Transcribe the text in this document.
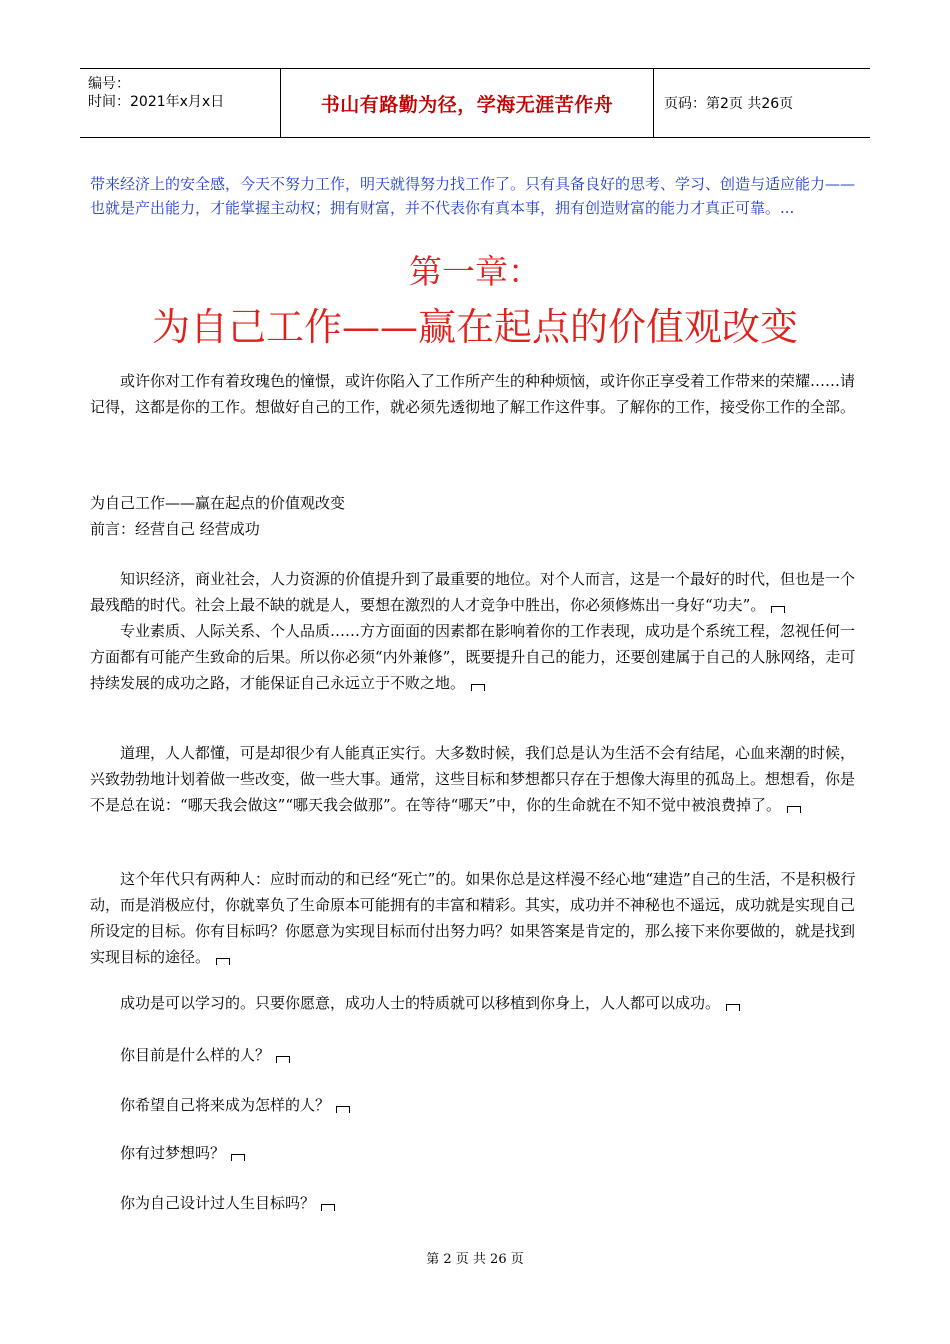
编号：
时间：2021年x月x日	书山有路勤为径，学海无涯苦作舟	页码：第2页 共26页
带来经济上的安全感，今天不努力工作，明天就得努力找工作了。只有具备良好的思考、学习、创造与适应能力——也就是产出能力，才能掌握主动权；拥有财富，并不代表你有真本事，拥有创造财富的能力才真正可靠。...
第一章：
为自己工作——赢在起点的价值观改变

或许你对工作有着玫瑰色的憧憬，或许你陷入了工作所产生的种种烦恼，或许你正享受着工作带来的荣耀……请记得，这都是你的工作。想做好自己的工作，就必须先透彻地了解工作这件事。了解你的工作，接受你工作的全部。

为自己工作——赢在起点的价值观改变

前言：经营自己 经营成功

知识经济，商业社会，人力资源的价值提升到了最重要的地位。对个人而言，这是一个最好的时代，但也是一个最残酷的时代。社会上最不缺的就是人，要想在激烈的人才竞争中胜出，你必须修炼出一身好“功夫”。

专业素质、人际关系、个人品质……方方面面的因素都在影响着你的工作表现，成功是个系统工程，忽视任何一方面都有可能产生致命的后果。所以你必须“内外兼修”，既要提升自己的能力，还要创建属于自己的人脉网络，走可持续发展的成功之路，才能保证自己永远立于不败之地。

道理，人人都懂，可是却很少有人能真正实行。大多数时候，我们总是认为生活不会有结尾，心血来潮的时候，兴致勃勃地计划着做一些改变，做一些大事。通常，这些目标和梦想都只存在于想像大海里的孤岛上。想想看，你是不是总在说：“哪天我会做这”“哪天我会做那”。在等待“哪天”中，你的生命就在不知不觉中被浪费掉了。

这个年代只有两种人：应时而动的和已经“死亡”的。如果你总是这样漫不经心地“建造”自己的生活，不是积极行动，而是消极应付，你就辜负了生命原本可能拥有的丰富和精彩。其实，成功并不神秘也不遥远，成功就是实现自己所设定的目标。你有目标吗？你愿意为实现目标而付出努力吗？如果答案是肯定的，那么接下来你要做的，就是找到实现目标的途径。

成功是可以学习的。只要你愿意，成功人士的特质就可以移植到你身上，人人都可以成功。

你目前是什么样的人？

你希望自己将来成为怎样的人？

你有过梦想吗？

你为自己设计过人生目标吗？

第 2 页 共 26 页
